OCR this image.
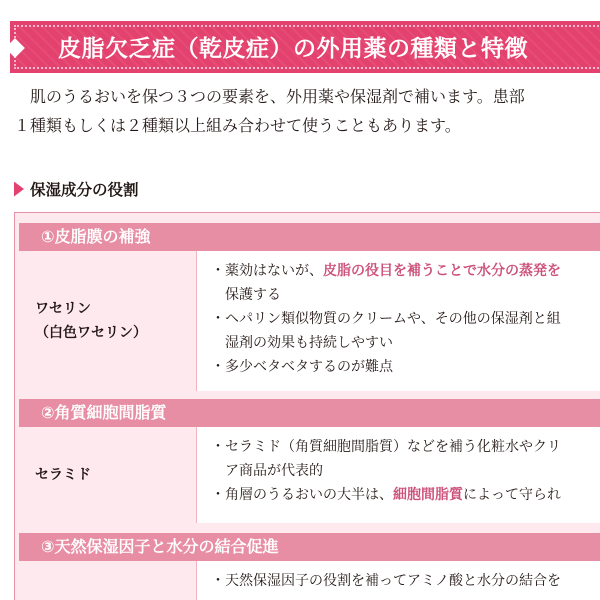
皮脂欠乏症（乾皮症）の外用薬の種類と特徴

肌のうるおいを保つ３つの要素を、外用薬や保湿剤で補います。患部

１種類もしくは２種類以上組み合わせて使うこともあります。

保湿成分の役割
①皮脂膜の補強
ワセリン
（白色ワセリン）
・薬効はないが、皮脂の役目を補うことで水分の蒸発を
保護する
・ヘパリン類似物質のクリームや、その他の保湿剤と組
湿剤の効果も持続しやすい
・多少ベタベタするのが難点
②角質細胞間脂質
セラミド
・セラミド（角質細胞間脂質）などを補う化粧水やクリ
ア商品が代表的
・角層のうるおいの大半は、細胞間脂質によって守られ
③天然保湿因子と水分の結合促進
・天然保湿因子の役割を補ってアミノ酸と水分の結合を
